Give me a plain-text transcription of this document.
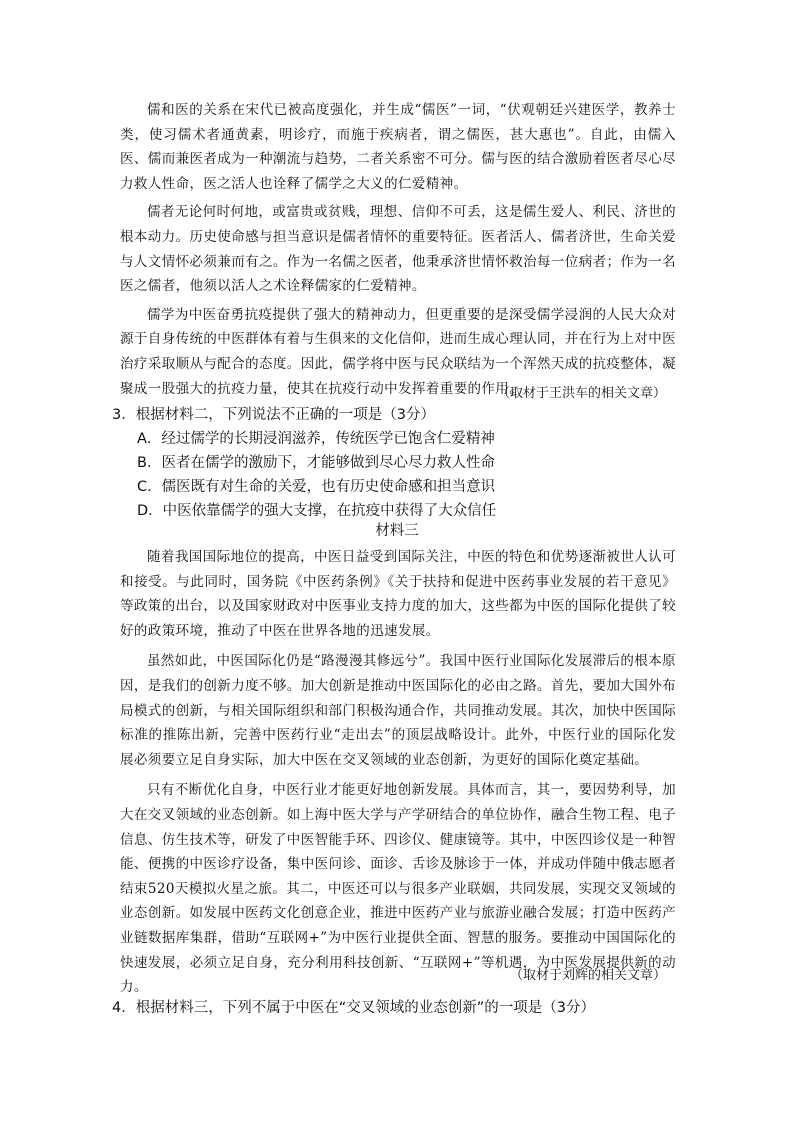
儒和医的关系在宋代已被高度强化，并生成“儒医”一词，“伏观朝廷兴建医学，教养士类，使习儒术者通黄素，明诊疗，而施于疾病者，谓之儒医，甚大惠也”。自此，由儒入医、儒而兼医者成为一种潮流与趋势，二者关系密不可分。儒与医的结合激励着医者尽心尽力救人性命，医之活人也诠释了儒学之大义的仁爱精神。

儒者无论何时何地，或富贵或贫贱，理想、信仰不可丢，这是儒生爱人、利民、济世的根本动力。历史使命感与担当意识是儒者情怀的重要特征。医者活人、儒者济世，生命关爱与人文情怀必须兼而有之。作为一名儒之医者，他秉承济世情怀救治每一位病者；作为一名医之儒者，他须以活人之术诠释儒家的仁爱精神。

儒学为中医奋勇抗疫提供了强大的精神动力，但更重要的是深受儒学浸润的人民大众对源于自身传统的中医群体有着与生俱来的文化信仰，进而生成心理认同，并在行为上对中医治疗采取顺从与配合的态度。因此，儒学将中医与民众联结为一个浑然天成的抗疫整体，凝聚成一股强大的抗疫力量，使其在抗疫行动中发挥着重要的作用。

（取材于王洪车的相关文章）
3．根据材料二，下列说法不正确的一项是（3分）
A．经过儒学的长期浸润滋养，传统医学已饱含仁爱精神
B．医者在儒学的激励下，才能够做到尽心尽力救人性命
C．儒医既有对生命的关爱，也有历史使命感和担当意识
D．中医依靠儒学的强大支撑，在抗疫中获得了大众信任
材料三

随着我国国际地位的提高，中医日益受到国际关注，中医的特色和优势逐渐被世人认可和接受。与此同时，国务院《中医药条例》《关于扶持和促进中医药事业发展的若干意见》等政策的出台，以及国家财政对中医事业支持力度的加大，这些都为中医的国际化提供了较好的政策环境，推动了中医在世界各地的迅速发展。

虽然如此，中医国际化仍是“路漫漫其修远兮”。我国中医行业国际化发展滞后的根本原因，是我们的创新力度不够。加大创新是推动中医国际化的必由之路。首先，要加大国外布局模式的创新，与相关国际组织和部门积极沟通合作，共同推动发展。其次，加快中医国际标准的推陈出新，完善中医药行业“走出去”的顶层战略设计。此外，中医行业的国际化发展必须要立足自身实际，加大中医在交叉领域的业态创新，为更好的国际化奠定基础。

只有不断优化自身，中医行业才能更好地创新发展。具体而言，其一，要因势利导，加大在交叉领域的业态创新。如上海中医大学与产学研结合的单位协作，融合生物工程、电子信息、仿生技术等，研发了中医智能手环、四诊仪、健康镜等。其中，中医四诊仪是一种智能、便携的中医诊疗设备，集中医问诊、面诊、舌诊及脉诊于一体，并成功伴随中俄志愿者结束520天模拟火星之旅。其二，中医还可以与很多产业联姻，共同发展，实现交叉领域的业态创新。如发展中医药文化创意企业，推进中医药产业与旅游业融合发展；打造中医药产业链数据库集群，借助“互联网+”为中医行业提供全面、智慧的服务。要推动中国国际化的快速发展，必须立足自身，充分利用科技创新、“互联网+”等机遇，为中医发展提供新的动力。

（取材于刘辉的相关文章）
4．根据材料三，下列不属于中医在“交叉领域的业态创新”的一项是（3分）
